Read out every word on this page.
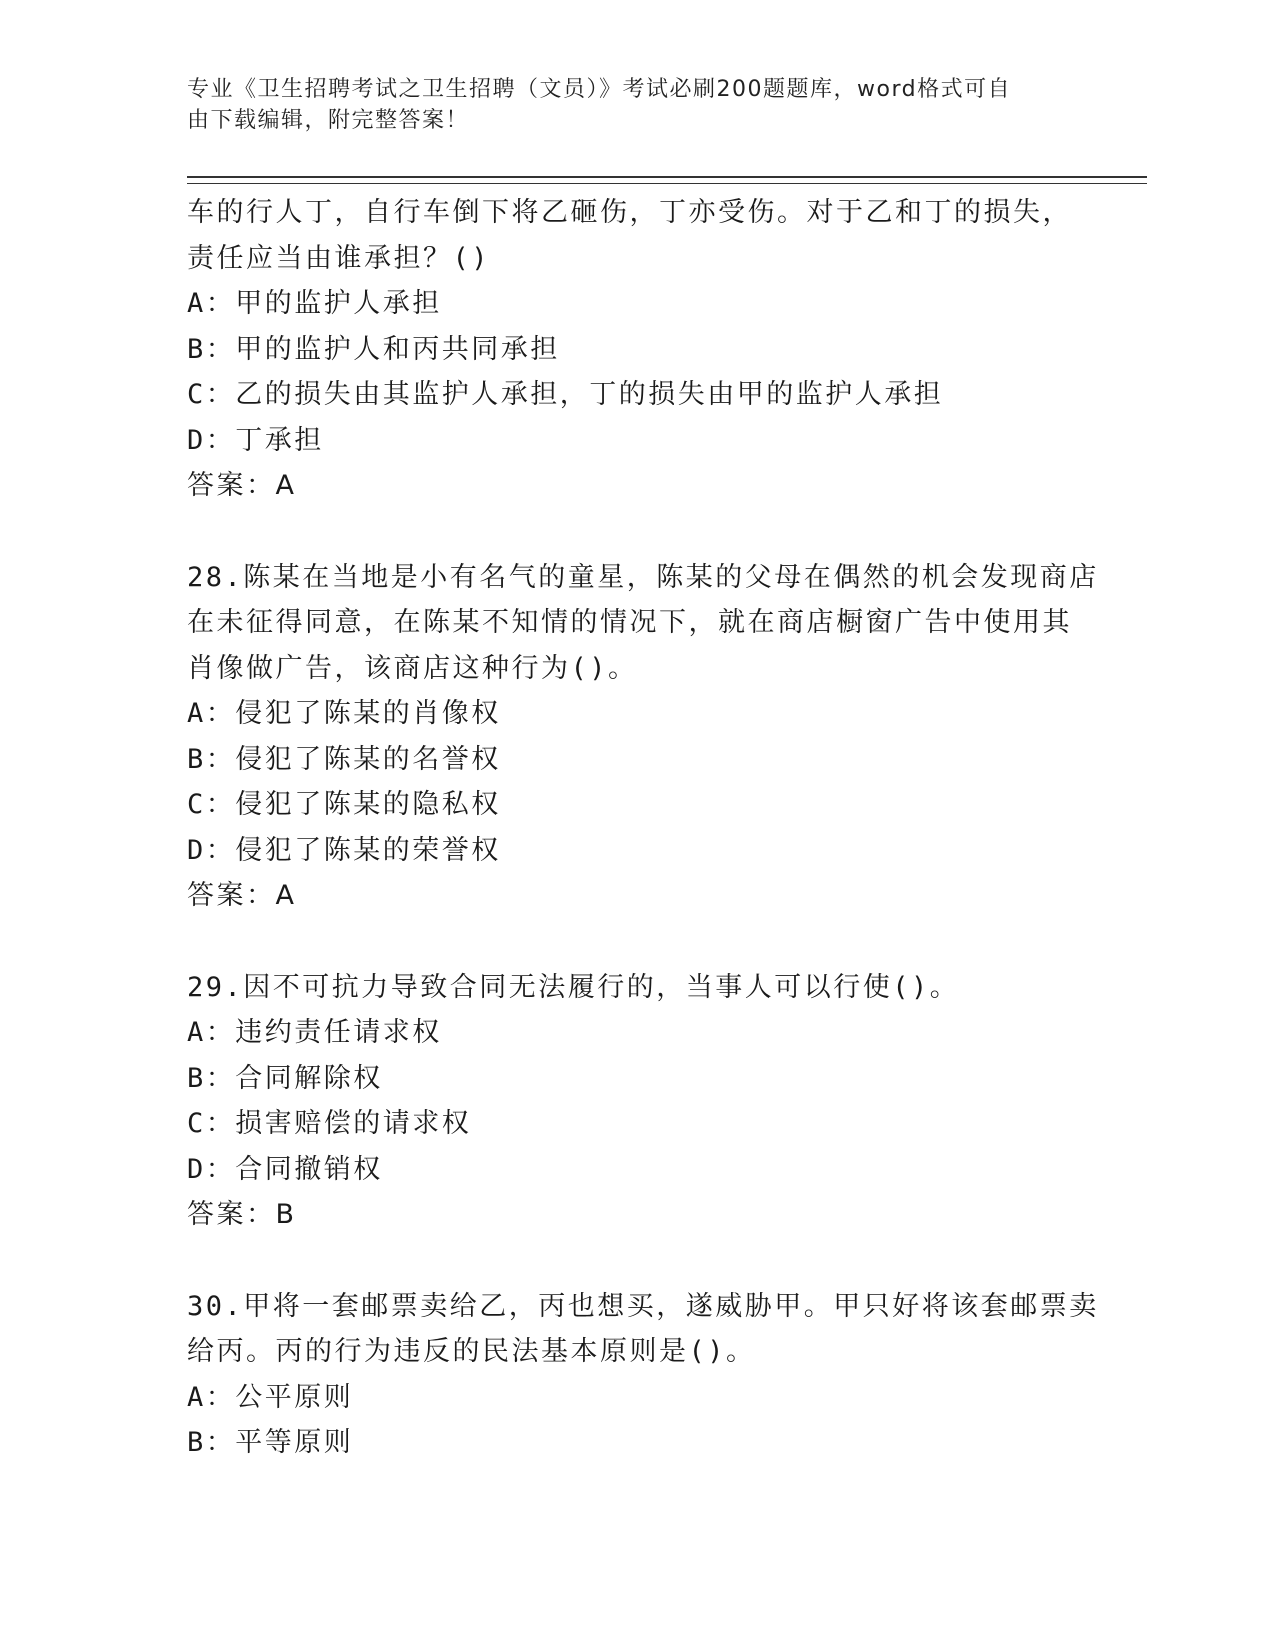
专业《卫生招聘考试之卫生招聘（文员）》考试必刷200题题库，word格式可自
由下载编辑，附完整答案！
车的行人丁，自行车倒下将乙砸伤，丁亦受伤。对于乙和丁的损失，
责任应当由谁承担？()
A：甲的监护人承担
B：甲的监护人和丙共同承担
C：乙的损失由其监护人承担，丁的损失由甲的监护人承担
D：丁承担
答案：A
28.陈某在当地是小有名气的童星，陈某的父母在偶然的机会发现商店
在未征得同意，在陈某不知情的情况下，就在商店橱窗广告中使用其
肖像做广告，该商店这种行为()。
A：侵犯了陈某的肖像权
B：侵犯了陈某的名誉权
C：侵犯了陈某的隐私权
D：侵犯了陈某的荣誉权
答案：A
29.因不可抗力导致合同无法履行的，当事人可以行使()。
A：违约责任请求权
B：合同解除权
C：损害赔偿的请求权
D：合同撤销权
答案：B
30.甲将一套邮票卖给乙，丙也想买，遂威胁甲。甲只好将该套邮票卖
给丙。丙的行为违反的民法基本原则是()。
A：公平原则
B：平等原则
